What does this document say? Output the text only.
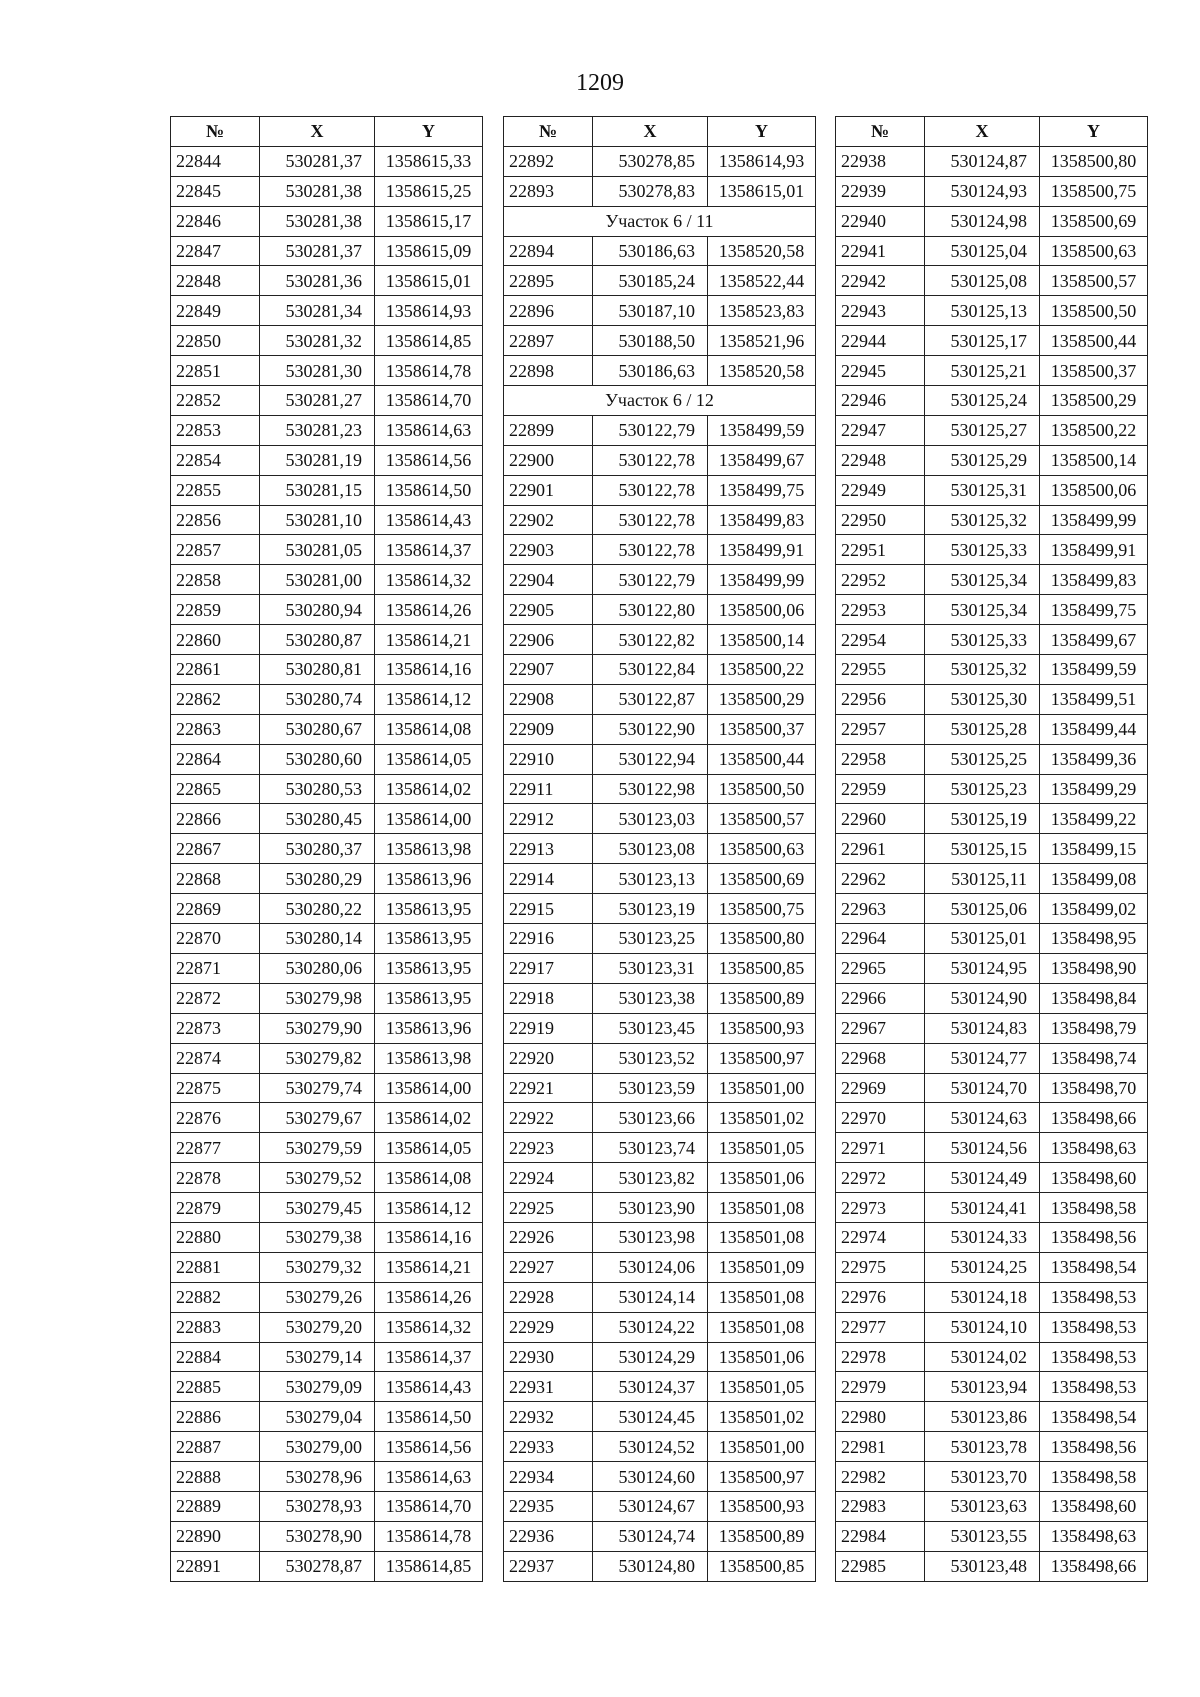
1209
№	X	Y
22844	530281,37	1358615,33
22845	530281,38	1358615,25
22846	530281,38	1358615,17
22847	530281,37	1358615,09
22848	530281,36	1358615,01
22849	530281,34	1358614,93
22850	530281,32	1358614,85
22851	530281,30	1358614,78
22852	530281,27	1358614,70
22853	530281,23	1358614,63
22854	530281,19	1358614,56
22855	530281,15	1358614,50
22856	530281,10	1358614,43
22857	530281,05	1358614,37
22858	530281,00	1358614,32
22859	530280,94	1358614,26
22860	530280,87	1358614,21
22861	530280,81	1358614,16
22862	530280,74	1358614,12
22863	530280,67	1358614,08
22864	530280,60	1358614,05
22865	530280,53	1358614,02
22866	530280,45	1358614,00
22867	530280,37	1358613,98
22868	530280,29	1358613,96
22869	530280,22	1358613,95
22870	530280,14	1358613,95
22871	530280,06	1358613,95
22872	530279,98	1358613,95
22873	530279,90	1358613,96
22874	530279,82	1358613,98
22875	530279,74	1358614,00
22876	530279,67	1358614,02
22877	530279,59	1358614,05
22878	530279,52	1358614,08
22879	530279,45	1358614,12
22880	530279,38	1358614,16
22881	530279,32	1358614,21
22882	530279,26	1358614,26
22883	530279,20	1358614,32
22884	530279,14	1358614,37
22885	530279,09	1358614,43
22886	530279,04	1358614,50
22887	530279,00	1358614,56
22888	530278,96	1358614,63
22889	530278,93	1358614,70
22890	530278,90	1358614,78
22891	530278,87	1358614,85
№	X	Y
22892	530278,85	1358614,93
22893	530278,83	1358615,01
Участок 6 / 11		
22894	530186,63	1358520,58
22895	530185,24	1358522,44
22896	530187,10	1358523,83
22897	530188,50	1358521,96
22898	530186,63	1358520,58
Участок 6 / 12		
22899	530122,79	1358499,59
22900	530122,78	1358499,67
22901	530122,78	1358499,75
22902	530122,78	1358499,83
22903	530122,78	1358499,91
22904	530122,79	1358499,99
22905	530122,80	1358500,06
22906	530122,82	1358500,14
22907	530122,84	1358500,22
22908	530122,87	1358500,29
22909	530122,90	1358500,37
22910	530122,94	1358500,44
22911	530122,98	1358500,50
22912	530123,03	1358500,57
22913	530123,08	1358500,63
22914	530123,13	1358500,69
22915	530123,19	1358500,75
22916	530123,25	1358500,80
22917	530123,31	1358500,85
22918	530123,38	1358500,89
22919	530123,45	1358500,93
22920	530123,52	1358500,97
22921	530123,59	1358501,00
22922	530123,66	1358501,02
22923	530123,74	1358501,05
22924	530123,82	1358501,06
22925	530123,90	1358501,08
22926	530123,98	1358501,08
22927	530124,06	1358501,09
22928	530124,14	1358501,08
22929	530124,22	1358501,08
22930	530124,29	1358501,06
22931	530124,37	1358501,05
22932	530124,45	1358501,02
22933	530124,52	1358501,00
22934	530124,60	1358500,97
22935	530124,67	1358500,93
22936	530124,74	1358500,89
22937	530124,80	1358500,85
№	X	Y
22938	530124,87	1358500,80
22939	530124,93	1358500,75
22940	530124,98	1358500,69
22941	530125,04	1358500,63
22942	530125,08	1358500,57
22943	530125,13	1358500,50
22944	530125,17	1358500,44
22945	530125,21	1358500,37
22946	530125,24	1358500,29
22947	530125,27	1358500,22
22948	530125,29	1358500,14
22949	530125,31	1358500,06
22950	530125,32	1358499,99
22951	530125,33	1358499,91
22952	530125,34	1358499,83
22953	530125,34	1358499,75
22954	530125,33	1358499,67
22955	530125,32	1358499,59
22956	530125,30	1358499,51
22957	530125,28	1358499,44
22958	530125,25	1358499,36
22959	530125,23	1358499,29
22960	530125,19	1358499,22
22961	530125,15	1358499,15
22962	530125,11	1358499,08
22963	530125,06	1358499,02
22964	530125,01	1358498,95
22965	530124,95	1358498,90
22966	530124,90	1358498,84
22967	530124,83	1358498,79
22968	530124,77	1358498,74
22969	530124,70	1358498,70
22970	530124,63	1358498,66
22971	530124,56	1358498,63
22972	530124,49	1358498,60
22973	530124,41	1358498,58
22974	530124,33	1358498,56
22975	530124,25	1358498,54
22976	530124,18	1358498,53
22977	530124,10	1358498,53
22978	530124,02	1358498,53
22979	530123,94	1358498,53
22980	530123,86	1358498,54
22981	530123,78	1358498,56
22982	530123,70	1358498,58
22983	530123,63	1358498,60
22984	530123,55	1358498,63
22985	530123,48	1358498,66
